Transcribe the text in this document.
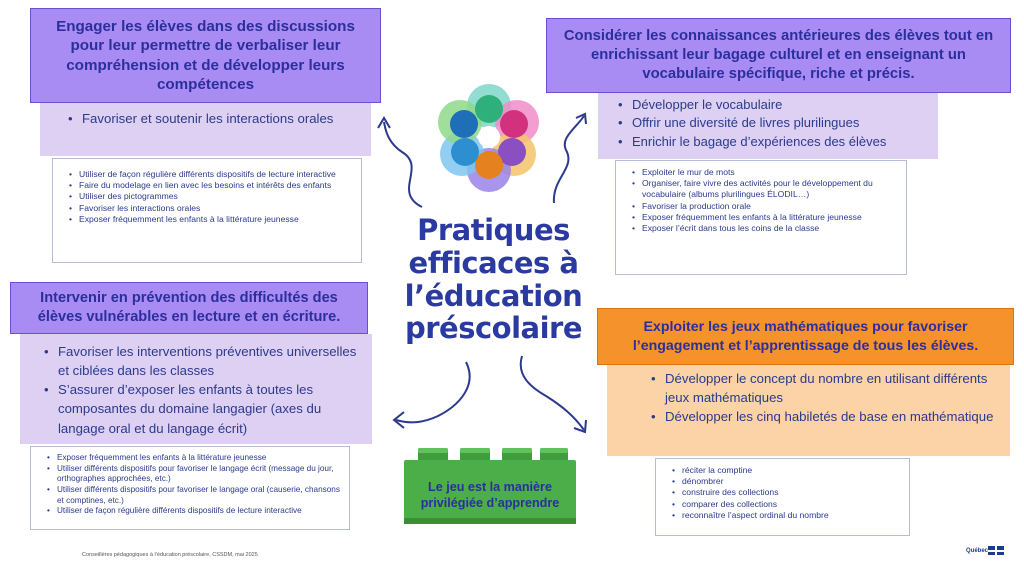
Engager les élèves dans des discussions pour leur permettre de verbaliser leur compréhension et de développer leurs compétences
• Favoriser et soutenir les interactions orales
• Utiliser de façon régulière différents dispositifs de lecture interactive
• Faire du modelage en lien avec les besoins et intérêts des enfants
• Utiliser des pictogrammes
• Favoriser les interactions orales
• Exposer fréquemment les enfants à la littérature jeunesse
Considérer les connaissances antérieures des élèves tout en enrichissant leur bagage culturel et en enseignant un vocabulaire spécifique, riche et précis.
• Développer le vocabulaire
• Offrir une diversité de livres plurilingues
• Enrichir le bagage d’expériences des élèves
• Exploiter le mur de mots
• Organiser, faire vivre des activités pour le développement du vocabulaire (albums plurilingues ÉLODIL…)
• Favoriser la production orale
• Exposer fréquemment les enfants à la littérature jeunesse
• Exposer l’écrit dans tous les coins de la classe
Intervenir en prévention des difficultés des élèves vulnérables en lecture et en écriture.
• Favoriser les interventions préventives universelles et ciblées dans les classes
• S’assurer d’exposer les enfants à toutes les composantes du domaine langagier (axes du langage oral et du langage écrit)
• Exposer fréquemment les enfants à la littérature jeunesse
• Utiliser différents dispositifs pour favoriser le langage écrit (message du jour, orthographes approchées, etc.)
• Utiliser différents dispositifs pour favoriser le langage oral (causerie, chansons et comptines, etc.)
• Utiliser de façon régulière différents dispositifs de lecture interactive
Exploiter les jeux mathématiques pour favoriser l’engagement et l’apprentissage de tous les élèves.
• Développer le concept du nombre en utilisant différents jeux mathématiques
• Développer les cinq habiletés de base en mathématique
• réciter la comptine
• dénombrer
• construire des collections
• comparer des collections
• reconnaître l’aspect ordinal du nombre
Pratiques
efficaces à
l’éducation
préscolaire
Le jeu est la manière
privilégiée d’apprendre
Conseillères pédagogiques à l’éducation préscolaire, CSSDM, mai 2025
Québec
